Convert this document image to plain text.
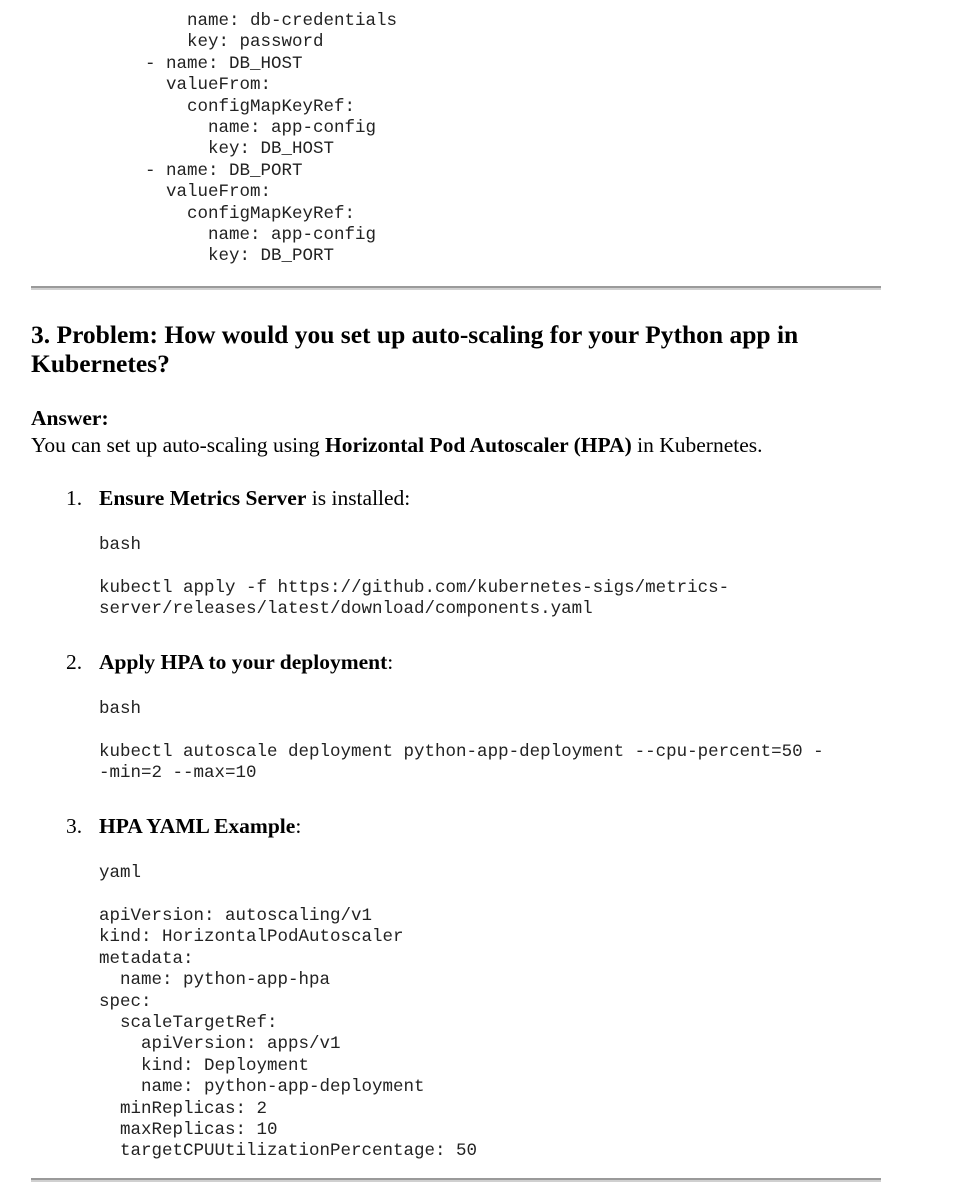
name: db-credentials
key: password
- name: DB_HOST
valueFrom:
configMapKeyRef:
name: app-config
key: DB_HOST
- name: DB_PORT
valueFrom:
configMapKeyRef:
name: app-config
key: DB_PORT
3. Problem: How would you set up auto-scaling for your Python app in Kubernetes?
Answer:
You can set up auto-scaling using Horizontal Pod Autoscaler (HPA) in Kubernetes.
1. Ensure Metrics Server is installed:
bash
kubectl apply -f https://github.com/kubernetes-sigs/metrics-
server/releases/latest/download/components.yaml
2. Apply HPA to your deployment:
bash
kubectl autoscale deployment python-app-deployment --cpu-percent=50 -
-min=2 --max=10
3. HPA YAML Example:
yaml
apiVersion: autoscaling/v1
kind: HorizontalPodAutoscaler
metadata:
name: python-app-hpa
spec:
scaleTargetRef:
apiVersion: apps/v1
kind: Deployment
name: python-app-deployment
minReplicas: 2
maxReplicas: 10
targetCPUUtilizationPercentage: 50
